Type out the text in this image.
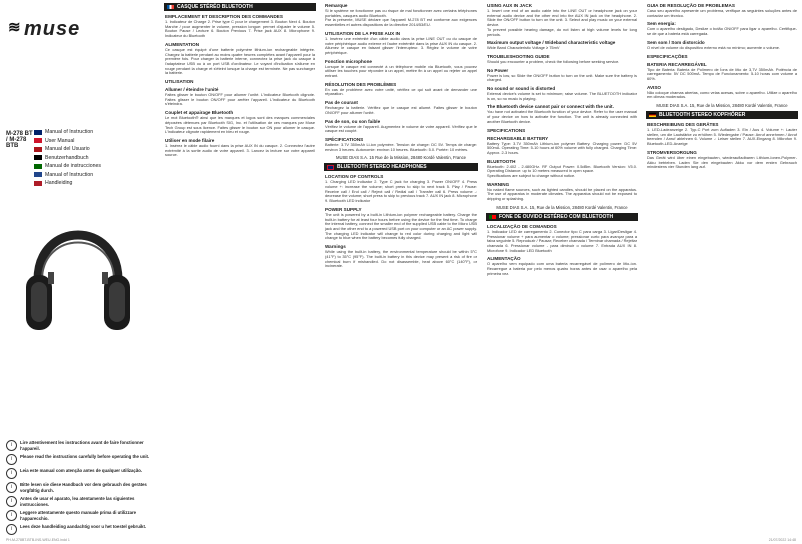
≋ muse
M-278 BT / M-278 BTB
Manual of Instruction
User Manual
Manual del Usuario
Benutzerhandbuch
Manual de instrucciones
Manual of Instruction
Handleiding
i	Lire attentivement les instructions avant de faire fonctionner l'appareil.
i	Please read the instructions carefully before operating the unit.
i	Leia este manual com atenção antes de qualquer utilização.
i	Bitte lesen sie diese Handbuch vor dem gebrauch des gerätes vorgfältig durch.
i	Antes de usar el aparato, lea atentamente las siguientes instrucciones.
i	Leggere attentamente questo manuale prima di utilizzare l'apparecchio.
i	Lees deze handleiding aandachtig voor u het toestel gebruikt.
CASQUE STÉRÉO BLUETOOTH
EMPLACEMENT ET DESCRIPTION DES COMMANDES
1. Indicateur de Charge 2. Prise type C pour le chargement 3. Bouton Next 4. Bouton Marche / pour augmenter le volume, pression longue: permet d'ajuster le volume 5. Bouton Pause / Lecture 6. Bouton Previous 7. Prise jack AUX 8. Microphone 9. Indicateur du Bluetooth
ALIMENTATION
Ce casque est équipé d'une batterie polymère lithium-ion rechargeable intégrée. Chargez la batterie pendant au moins quatre heures complètes avant l'appareil pour la première fois. Pour charger la batterie interne, connectez la prise jack du casque à l'adaptateur USB ou à un port USB d'ordinateur. Le voyant d'indication s'allume en rouge pendant la charge et s'éteint lorsque la charge est terminée. Ne pas surcharger la batterie.
UTILISATION
Allumer / éteindre l'unité
Faites glisser le bouton ON/OFF pour allumer l'unité. L'indicateur Bluetooth clignote. Faites glisser le bouton ON/OFF pour arrêter l'appareil. L'indicateur du Bluetooth s'éteindra.
Couplet et appairage Bluetooth
Le mot Bluetooth® ainsi que les marques et logos sont des marques commerciales déposées détenues par Bluetooth SIG, Inc. et l'utilisation de ces marques par Muse Tech Group est sous licence. Faites glisser le bouton sur ON pour allumer le casque. L'indicateur clignote rapidement en bleu et rouge.
Utiliser en mode filaire
1. Insérez le câble audio fourni dans la prise AUX IN du casque. 2. Connectez l'autre extrémité à la sortie audio de votre appareil. 3. Lancez la lecture sur votre appareil source.
Remarque
Si le système ne fonctionne pas ou risque de mal fonctionner avec certains téléphones portables, casques audio Bluetooth.
Par la présente, MUSE déclare que l'appareil M-278 BT est conforme aux exigences essentielles et autres dispositions de la directive 2014/53/EU.
UTILISATION DE LA PRISE AUX IN
1. Insérez une extrémité d'un câble audio dans la prise LINE OUT ou du casque de votre périphérique audio externe et l'autre extrémité dans la prise AUX IN du casque. 2. Allumez le casque en faisant glisser l'interrupteur. 3. Réglez le volume de votre périphérique.
Fonction microphone
Lorsque le casque est connecté à un téléphone mobile via Bluetooth, vous pouvez utiliser les touches pour répondre à un appel, mettre fin à un appel ou rejeter un appel entrant.
RÉSOLUTION DES PROBLÈMES
En cas de problème avec votre unité, vérifiez ce qui suit avant de demander une réparation.
Pas de courant
Rechargez la batterie. Vérifiez que le casque est allumé. Faites glisser le bouton ON/OFF pour allumer l'unité.
Pas de son, ou son faible
Vérifiez le volume de l'appareil. Augmentez le volume de votre appareil. Vérifiez que le casque est couplé.
SPÉCIFICATIONS
Batterie: 3.7V 350mAh Li-ion polymère. Tension de charge: DC 5V. Temps de charge: environ 3 heures. Autonomie: environ 10 heures. Bluetooth: 5.0. Portée: 10 mètres.
MUSE DIAS S.A. 15 Rue de la Mission, 28480 Kordé Valentin, France
BLUETOOTH STEREO HEADPHONES
LOCATION OF CONTROLS
1. Charging LED indicator 2. Type C jack for charging 3. Power ON/OFF 4. Press volume +: increase the volume; short press to skip to next track 5. Play / Pause: Receive call / End call / Reject call / Redial call / Transfer call 6. Press volume -: decrease the volume; short press to skip to previous track 7. AUX IN jack 8. Microphone 9. Bluetooth LED indicator
POWER SUPPLY
The unit is powered by a built-in Lithium-ion polymer rechargeable battery. Charge the built-in battery for at least four hours before using the device for the first time. To charge the internal battery, connect the smaller end of the supplied USB cable to the Micro USB jack and the other end to a powered USB port on your computer or an AC power supply. The charging LED indicator will change to red color during charging and light will change to blue when the battery becomes fully charged.
Warnings
While using the built-in battery, the environmental temperature should be within 5°C (41°F) to 35°C (95°F). The built-in battery in this device may present a risk of fire or chemical burn if mishandled. Do not disassemble, heat above 60°C (140°F), or incinerate.
USING AUX IN JACK
1. Insert one end of an audio cable into the LINE OUT or headphone jack on your external audio device and the other end into the AUX IN jack on the headphone. 2. Slide the ON/OFF button to turn on the unit. 3. Select and play music on your external device.
To prevent possible hearing damage, do not listen at high volume levels for long periods.
Maximum output voltage / Wideband characteristic voltage
Wide Band Characteristic Voltage ≥ 75mV
TROUBLESHOOTING GUIDE
Should you encounter a problem, check the following before seeking service.
No Power
Power is low, so Slide the ON/OFF button to turn on the unit. Make sure the battery is charged.
No sound or sound is distorted
External device's volume is set to minimum; raise volume. The BLUETOOTH indicator is on, so no music is playing.
The Bluetooth device cannot pair or connect with the unit.
You have not activated the Bluetooth function of your device. Refer to the user manual of your device on how to activate the function. The unit is already connected with another Bluetooth device.
SPECIFICATIONS
RECHARGEABLE BATTERY
Battery Type: 3.7V 350mAh Lithium-ion polymer Battery. Charging power: DC 5V 500mA. Operating Time: 5-10 hours at 60% volume with fully charged. Charging Time: Approx. 2-3 hours.
BLUETOOTH
Bluetooth: 2.402 - 2.480GHz. RF Output Power: 0.5dBm. Bluetooth Version: V5.0. Operating Distance: up to 10 meters measured in open space.
Specifications are subject to change without notice.
WARNING
No naked flame sources, such as lighted candles, should be placed on the apparatus. The use of apparatus in moderate climates. The apparatus should not be exposed to dripping or splashing.
MUSE DIAS S.A. 15, Rue de la Mission, 28480 Kordé Valentin, France
FONE DE OUVIDO ESTÉREO COM BLUETOOTH
LOCALIZAÇÃO DE COMANDOS
1. Indicador LED de carregamento 2. Conector tipo C para carga 3. Ligar/Desligar 4. Pressionar volume + para aumentar o volume; pressionar curto para avançar para a faixa seguinte 5. Reproduzir / Pausar; Receber chamada / Terminar chamada / Rejeitar chamada 6. Pressionar volume - para diminuir o volume 7. Entrada AUX IN 8. Microfone 9. Indicador LED Bluetooth
ALIMENTAÇÃO
O aparelho vem equipado com uma bateria recarregável de polímero de lítio-íon. Recarregue a bateria por pelo menos quatro horas antes de usar o aparelho pela primeira vez.
GUIA DE RESOLUÇÃO DE PROBLEMAS
Caso seu aparelho apresente um problema, verifique as seguintes soluções antes de contactar um técnico.
Sem energia:
Com o aparelho desligado, Deslize o botão ON/OFF para ligar o aparelho. Certifique-se de que a bateria está carregada.
Sem som / Som distorcido
O nível de volume do dispositivo externo está no mínimo; aumente o volume.
ESPECIFICAÇÕES
BATERIA RECARREGÁVEL
Tipo de Bateria: Bateria de Polímero de Íons de lítio de 3,7V 350mAh. Potência de carregamento: 5V DC 500mA. Tempo de Funcionamento: 5-10 horas com volume a 60%.
AVISO
Não coloque chamas abertas, como velas acesas, sobre o aparelho. Utilize o aparelho em climas moderados.
MUSE DIAS S.A. 15, Rue de la Mission, 28480 Kordé Valentin, France
BLUETOOTH STEREO KOPFHÖRER
BESCHREIBUNG DES GERÄTES
1. LED-Ladeanzeige 2. Typ-C Port zum Aufladen 3. Ein / Aus 4. Volume +: Lauter stellen, um die Lautstärke zu erhöhen 5. Wiedergabe / Pause: Anruf annehmen / Anruf beenden / Anruf ablehnen 6. Volume -: Leiser stellen 7. AUX-Eingang 8. Mikrofon 9. Bluetooth-LED-Anzeige
STROMVERSORGUNG
Das Gerät wird über einen eingebauten, wiederaufladbaren Lithium-Ionen-Polymer-Akku betrieben. Laden Sie den eingebauten Akku vor dem ersten Gebrauch mindestens vier Stunden lang auf.
PH-M-278BT-BTB-INS-WEU-ENG.indd 1	21/07/2022 14:48
